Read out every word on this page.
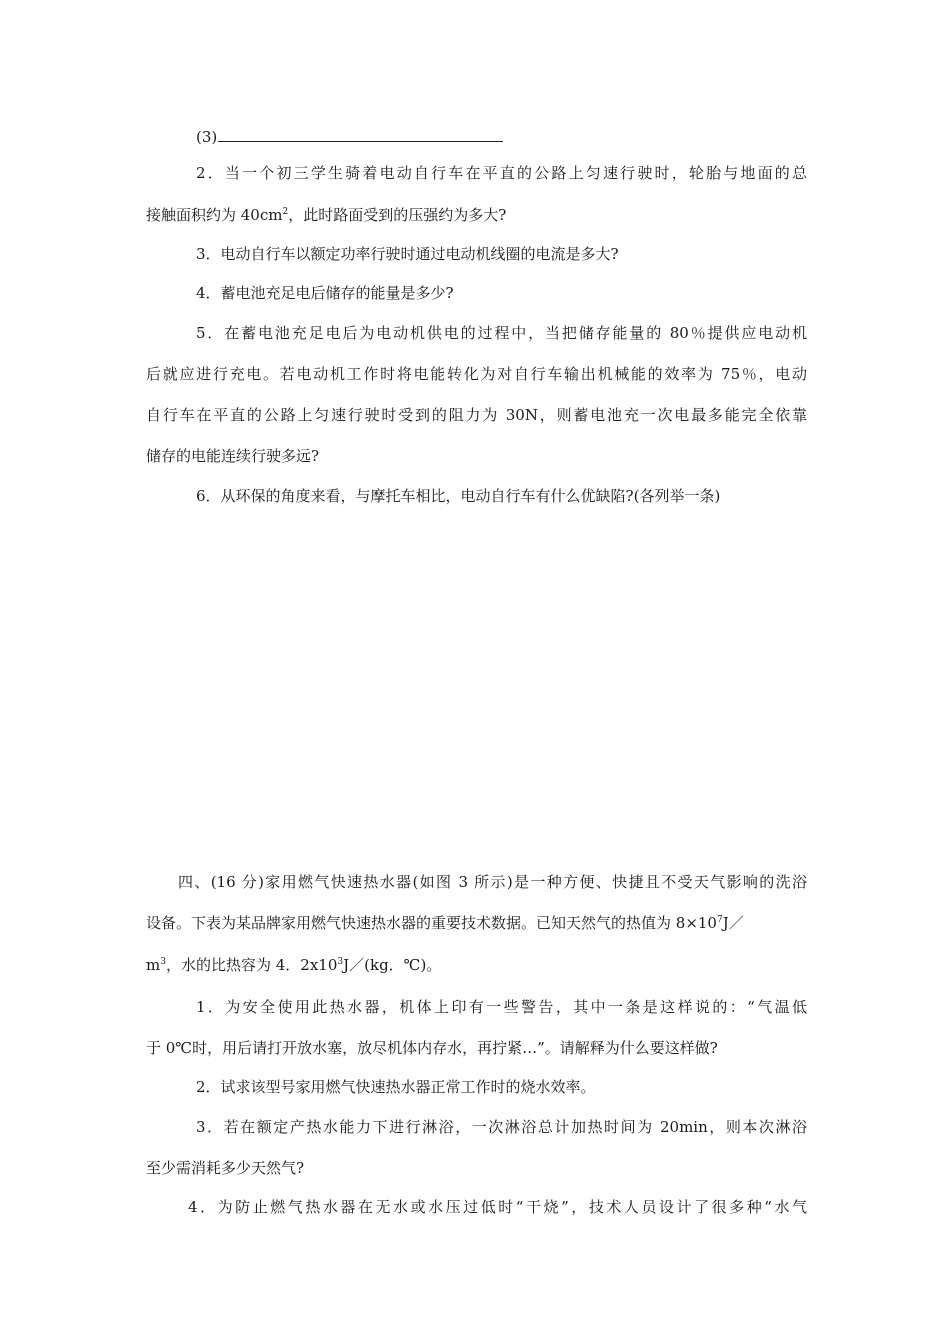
(3)
2．当一个初三学生骑着电动自行车在平直的公路上匀速行驶时，轮胎与地面的总
接触面积约为 $40cm^2$，此时路面受到的压强约为多大?
3．电动自行车以额定功率行驶时通过电动机线圈的电流是多大?
4．蓄电池充足电后储存的能量是多少?
5．在蓄电池充足电后为电动机供电的过程中，当把储存能量的 80％提供应电动机
后就应进行充电。若电动机工作时将电能转化为对自行车输出机械能的效率为 75％，电动
自行车在平直的公路上匀速行驶时受到的阻力为 30N，则蓄电池充一次电最多能完全依靠
储存的电能连续行驶多远?
6．从环保的角度来看，与摩托车相比，电动自行车有什么优缺陷?(各列举一条)
四、(16 分)家用燃气快速热水器(如图 3 所示)是一种方便、快捷且不受天气影响的洗浴
设备。下表为某品牌家用燃气快速热水器的重要技术数据。已知天然气的热值为 $8\times 10^7J/$
$m^3$，水的比热容为 4．$2x10^3J/(kg$．℃)。
1．为安全使用此热水器，机体上印有一些警告，其中一条是这样说的：“气温低
于 0℃时，用后请打开放水塞，放尽机体内存水，再拧紧…”。请解释为什么要这样做?
2．试求该型号家用燃气快速热水器正常工作时的烧水效率。
3．若在额定产热水能力下进行淋浴，一次淋浴总计加热时间为 20min，则本次淋浴
至少需消耗多少天然气?
4．为防止燃气热水器在无水或水压过低时“干烧”，技术人员设计了很多种“水气
